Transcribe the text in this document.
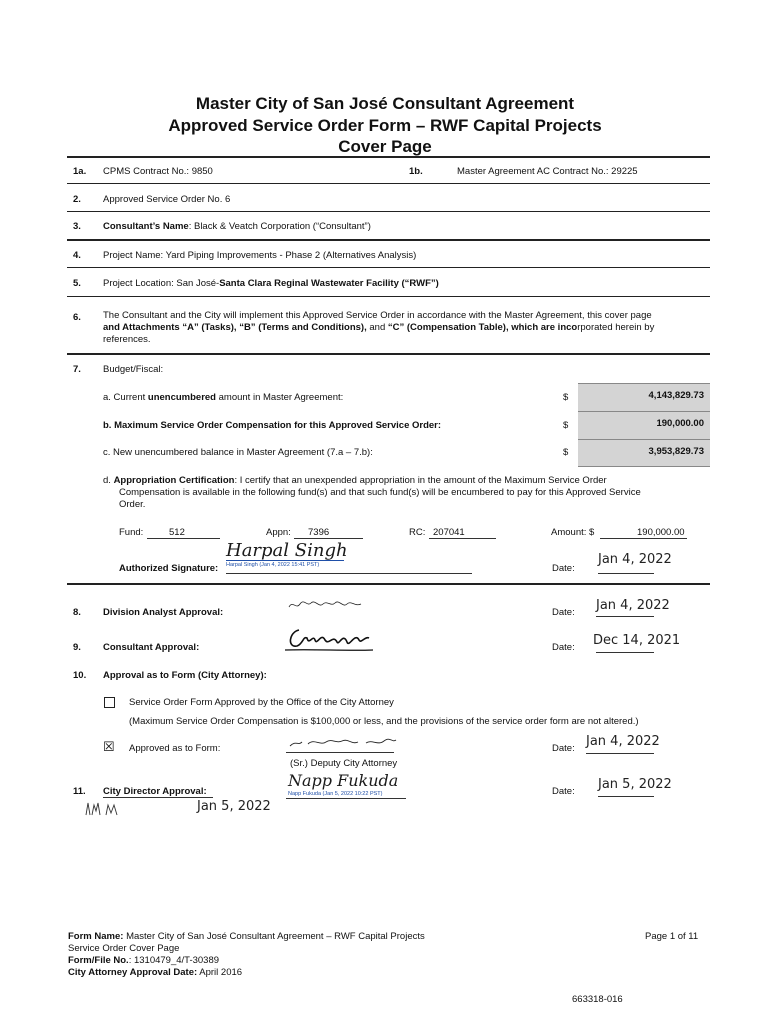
Master City of San José Consultant Agreement
Approved Service Order Form – RWF Capital Projects
Cover Page
1a. CPMS Contract No.: 9850	1b.	Master Agreement AC Contract No.: 29225
2. Approved Service Order No. 6
3. Consultant’s Name: Black & Veatch Corporation (“Consultant”)
4. Project Name: Yard Piping Improvements - Phase 2 (Alternatives Analysis)
5. Project Location: San José-Santa Clara Reginal Wastewater Facility (“RWF”)
6. The Consultant and the City will implement this Approved Service Order in accordance with the Master Agreement, this cover page
and Attachments “A” (Tasks), “B” (Terms and Conditions), and “C” (Compensation Table), which are incorporated herein by
references.
7. Budget/Fiscal:
a. Current unencumbered amount in Master Agreement:	$	4,143,829.73
b. Maximum Service Order Compensation for this Approved Service Order:	$	190,000.00
c. New unencumbered balance in Master Agreement (7.a – 7.b):	$	3,953,829.73
d. Appropriation Certification: I certify that an unexpended appropriation in the amount of the Maximum Service Order
Compensation is available in the following fund(s) and that such fund(s) will be encumbered to pay for this Approved Service
Order.
Fund:	512	Appn: 7396	RC: 207041	Amount: $	190,000.00
Authorized Signature:
Harpal Singh
Harpal Singh (Jan 4, 2022 15:41 PST)	Date:
Jan 4, 2022
8. Division Analyst Approval:	Date: Jan 4, 2022
9. Consultant Approval:	Date: Dec 14, 2021
10. Approval as to Form (City Attorney):
Service Order Form Approved by the Office of the City Attorney
(Maximum Service Order Compensation is $100,000 or less, and the provisions of the service order form are not altered.)
☒ Approved as to Form:
(Sr.) Deputy City Attorney
Date: Jan 4, 2022
11. City Director Approval:
Napp Fukuda
Napp Fukuda (Jan 5, 2022 10:22 PST)	Date: Jan 5, 2022
Jan 5, 2022
Form Name: Master City of San José Consultant Agreement – RWF Capital Projects
Service Order Cover Page
Form/File No.: 1310479_4/T-30389
City Attorney Approval Date: April 2016
Page 1 of 11
663318-016
